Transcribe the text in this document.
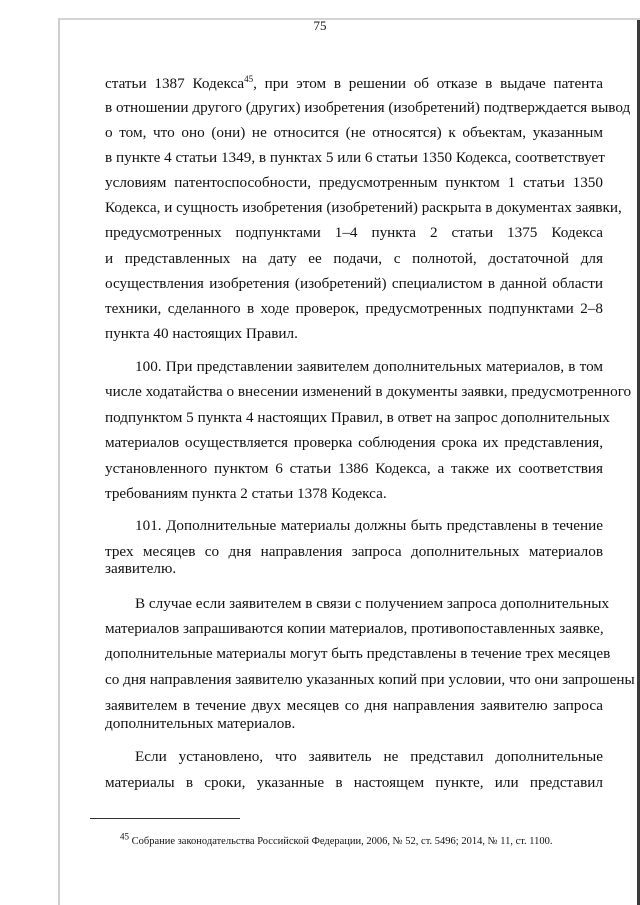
75
статьи 1387 Кодекса$^{45}$, при этом в решении об отказе в выдаче патента
в отношении другого (других) изобретения (изобретений) подтверждается вывод
о том, что оно (они) не относится (не относятся) к объектам, указанным
в пункте 4 статьи 1349, в пунктах 5 или 6 статьи 1350 Кодекса, соответствует
условиям патентоспособности, предусмотренным пунктом 1 статьи 1350
Кодекса, и сущность изобретения (изобретений) раскрыта в документах заявки,
предусмотренных подпунктами 1–4 пункта 2 статьи 1375 Кодекса
и представленных на дату ее подачи, с полнотой, достаточной для
осуществления изобретения (изобретений) специалистом в данной области
техники, сделанного в ходе проверок, предусмотренных подпунктами 2–8
пункта 40 настоящих Правил.
100. При представлении заявителем дополнительных материалов, в том
числе ходатайства о внесении изменений в документы заявки, предусмотренного
подпунктом 5 пункта 4 настоящих Правил, в ответ на запрос дополнительных
материалов осуществляется проверка соблюдения срока их представления,
установленного пунктом 6 статьи 1386 Кодекса, а также их соответствия
требованиям пункта 2 статьи 1378 Кодекса.
101. Дополнительные материалы должны быть представлены в течение
трех месяцев со дня направления запроса дополнительных материалов
заявителю.
В случае если заявителем в связи с получением запроса дополнительных
материалов запрашиваются копии материалов, противопоставленных заявке,
дополнительные материалы могут быть представлены в течение трех месяцев
со дня направления заявителю указанных копий при условии, что они запрошены
заявителем в течение двух месяцев со дня направления заявителю запроса
дополнительных материалов.
Если установлено, что заявитель не представил дополнительные
материалы в сроки, указанные в настоящем пункте, или представил
$^{45}$ Собрание законодательства Российской Федерации, 2006, № 52, ст. 5496; 2014, № 11, ст. 1100.
